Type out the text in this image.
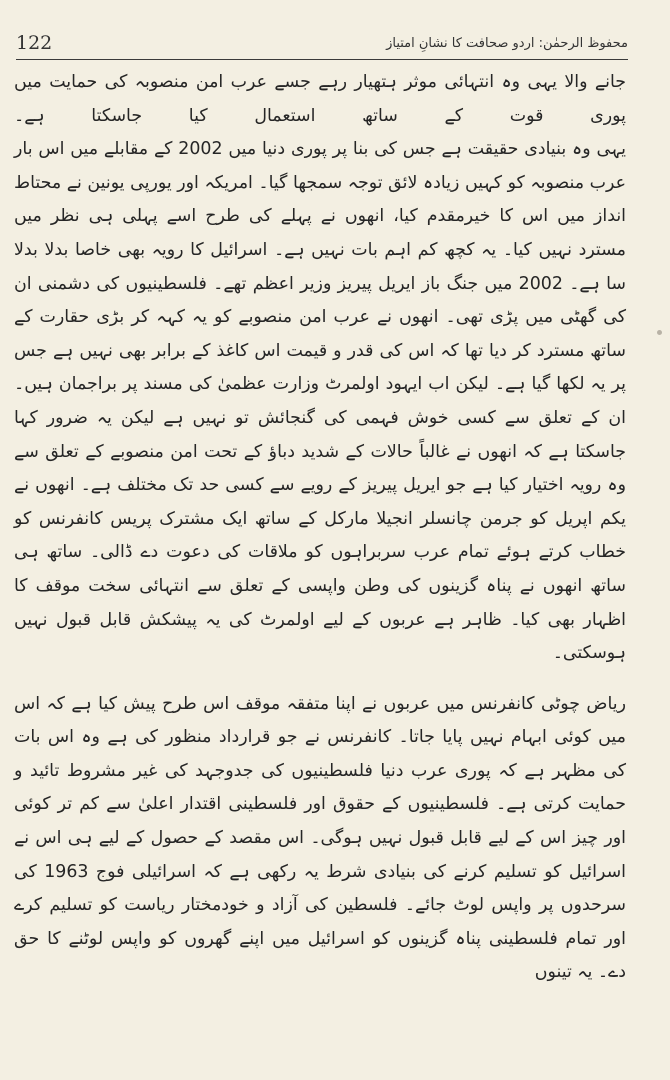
122	محفوظ الرحمٰن: اردو صحافت کا نشانِ امتیاز

جانے والا یہی وہ انتہائی موثر ہتھیار رہے جسے عرب امن منصوبہ کی حمایت میں پوری قوت کے ساتھ استعمال کیا جاسکتا ہے۔

یہی وہ بنیادی حقیقت ہے جس کی بنا پر پوری دنیا میں 2002 کے مقابلے میں اس بار عرب منصوبہ کو کہیں زیادہ لائق توجہ سمجھا گیا۔ امریکہ اور یورپی یونین نے محتاط انداز میں اس کا خیرمقدم کیا، انھوں نے پہلے کی طرح اسے پہلی ہی نظر میں مسترد نہیں کیا۔ یہ کچھ کم اہم بات نہیں ہے۔ اسرائیل کا رویہ بھی خاصا بدلا بدلا سا ہے۔ 2002 میں جنگ باز ایریل پیریز وزیر اعظم تھے۔ فلسطینیوں کی دشمنی ان کی گھٹی میں پڑی تھی۔ انھوں نے عرب امن منصوبے کو یہ کہہ کر بڑی حقارت کے ساتھ مسترد کر دیا تھا کہ اس کی قدر و قیمت اس کاغذ کے برابر بھی نہیں ہے جس پر یہ لکھا گیا ہے۔ لیکن اب ایہود اولمرٹ وزارت عظمیٰ کی مسند پر براجمان ہیں۔ ان کے تعلق سے کسی خوش فہمی کی گنجائش تو نہیں ہے لیکن یہ ضرور کہا جاسکتا ہے کہ انھوں نے غالباً حالات کے شدید دباؤ کے تحت امن منصوبے کے تعلق سے وہ رویہ اختیار کیا ہے جو ایریل پیریز کے رویے سے کسی حد تک مختلف ہے۔ انھوں نے یکم اپریل کو جرمن چانسلر انجیلا مارکل کے ساتھ ایک مشترک پریس کانفرنس کو خطاب کرتے ہوئے تمام عرب سربراہوں کو ملاقات کی دعوت دے ڈالی۔ ساتھ ہی ساتھ انھوں نے پناہ گزینوں کی وطن واپسی کے تعلق سے انتہائی سخت موقف کا اظہار بھی کیا۔ ظاہر ہے عربوں کے لیے اولمرٹ کی یہ پیشکش قابل قبول نہیں ہوسکتی۔

ریاض چوٹی کانفرنس میں عربوں نے اپنا متفقہ موقف اس طرح پیش کیا ہے کہ اس میں کوئی ابہام نہیں پایا جاتا۔ کانفرنس نے جو قرارداد منظور کی ہے وہ اس بات کی مظہر ہے کہ پوری عرب دنیا فلسطینیوں کی جدوجہد کی غیر مشروط تائید و حمایت کرتی ہے۔ فلسطینیوں کے حقوق اور فلسطینی اقتدار اعلیٰ سے کم تر کوئی اور چیز اس کے لیے قابل قبول نہیں ہوگی۔ اس مقصد کے حصول کے لیے ہی اس نے اسرائیل کو تسلیم کرنے کی بنیادی شرط یہ رکھی ہے کہ اسرائیلی فوج 1963 کی سرحدوں پر واپس لوٹ جائے۔ فلسطین کی آزاد و خودمختار ریاست کو تسلیم کرے اور تمام فلسطینی پناہ گزینوں کو اسرائیل میں اپنے گھروں کو واپس لوٹنے کا حق دے۔ یہ تینوں
